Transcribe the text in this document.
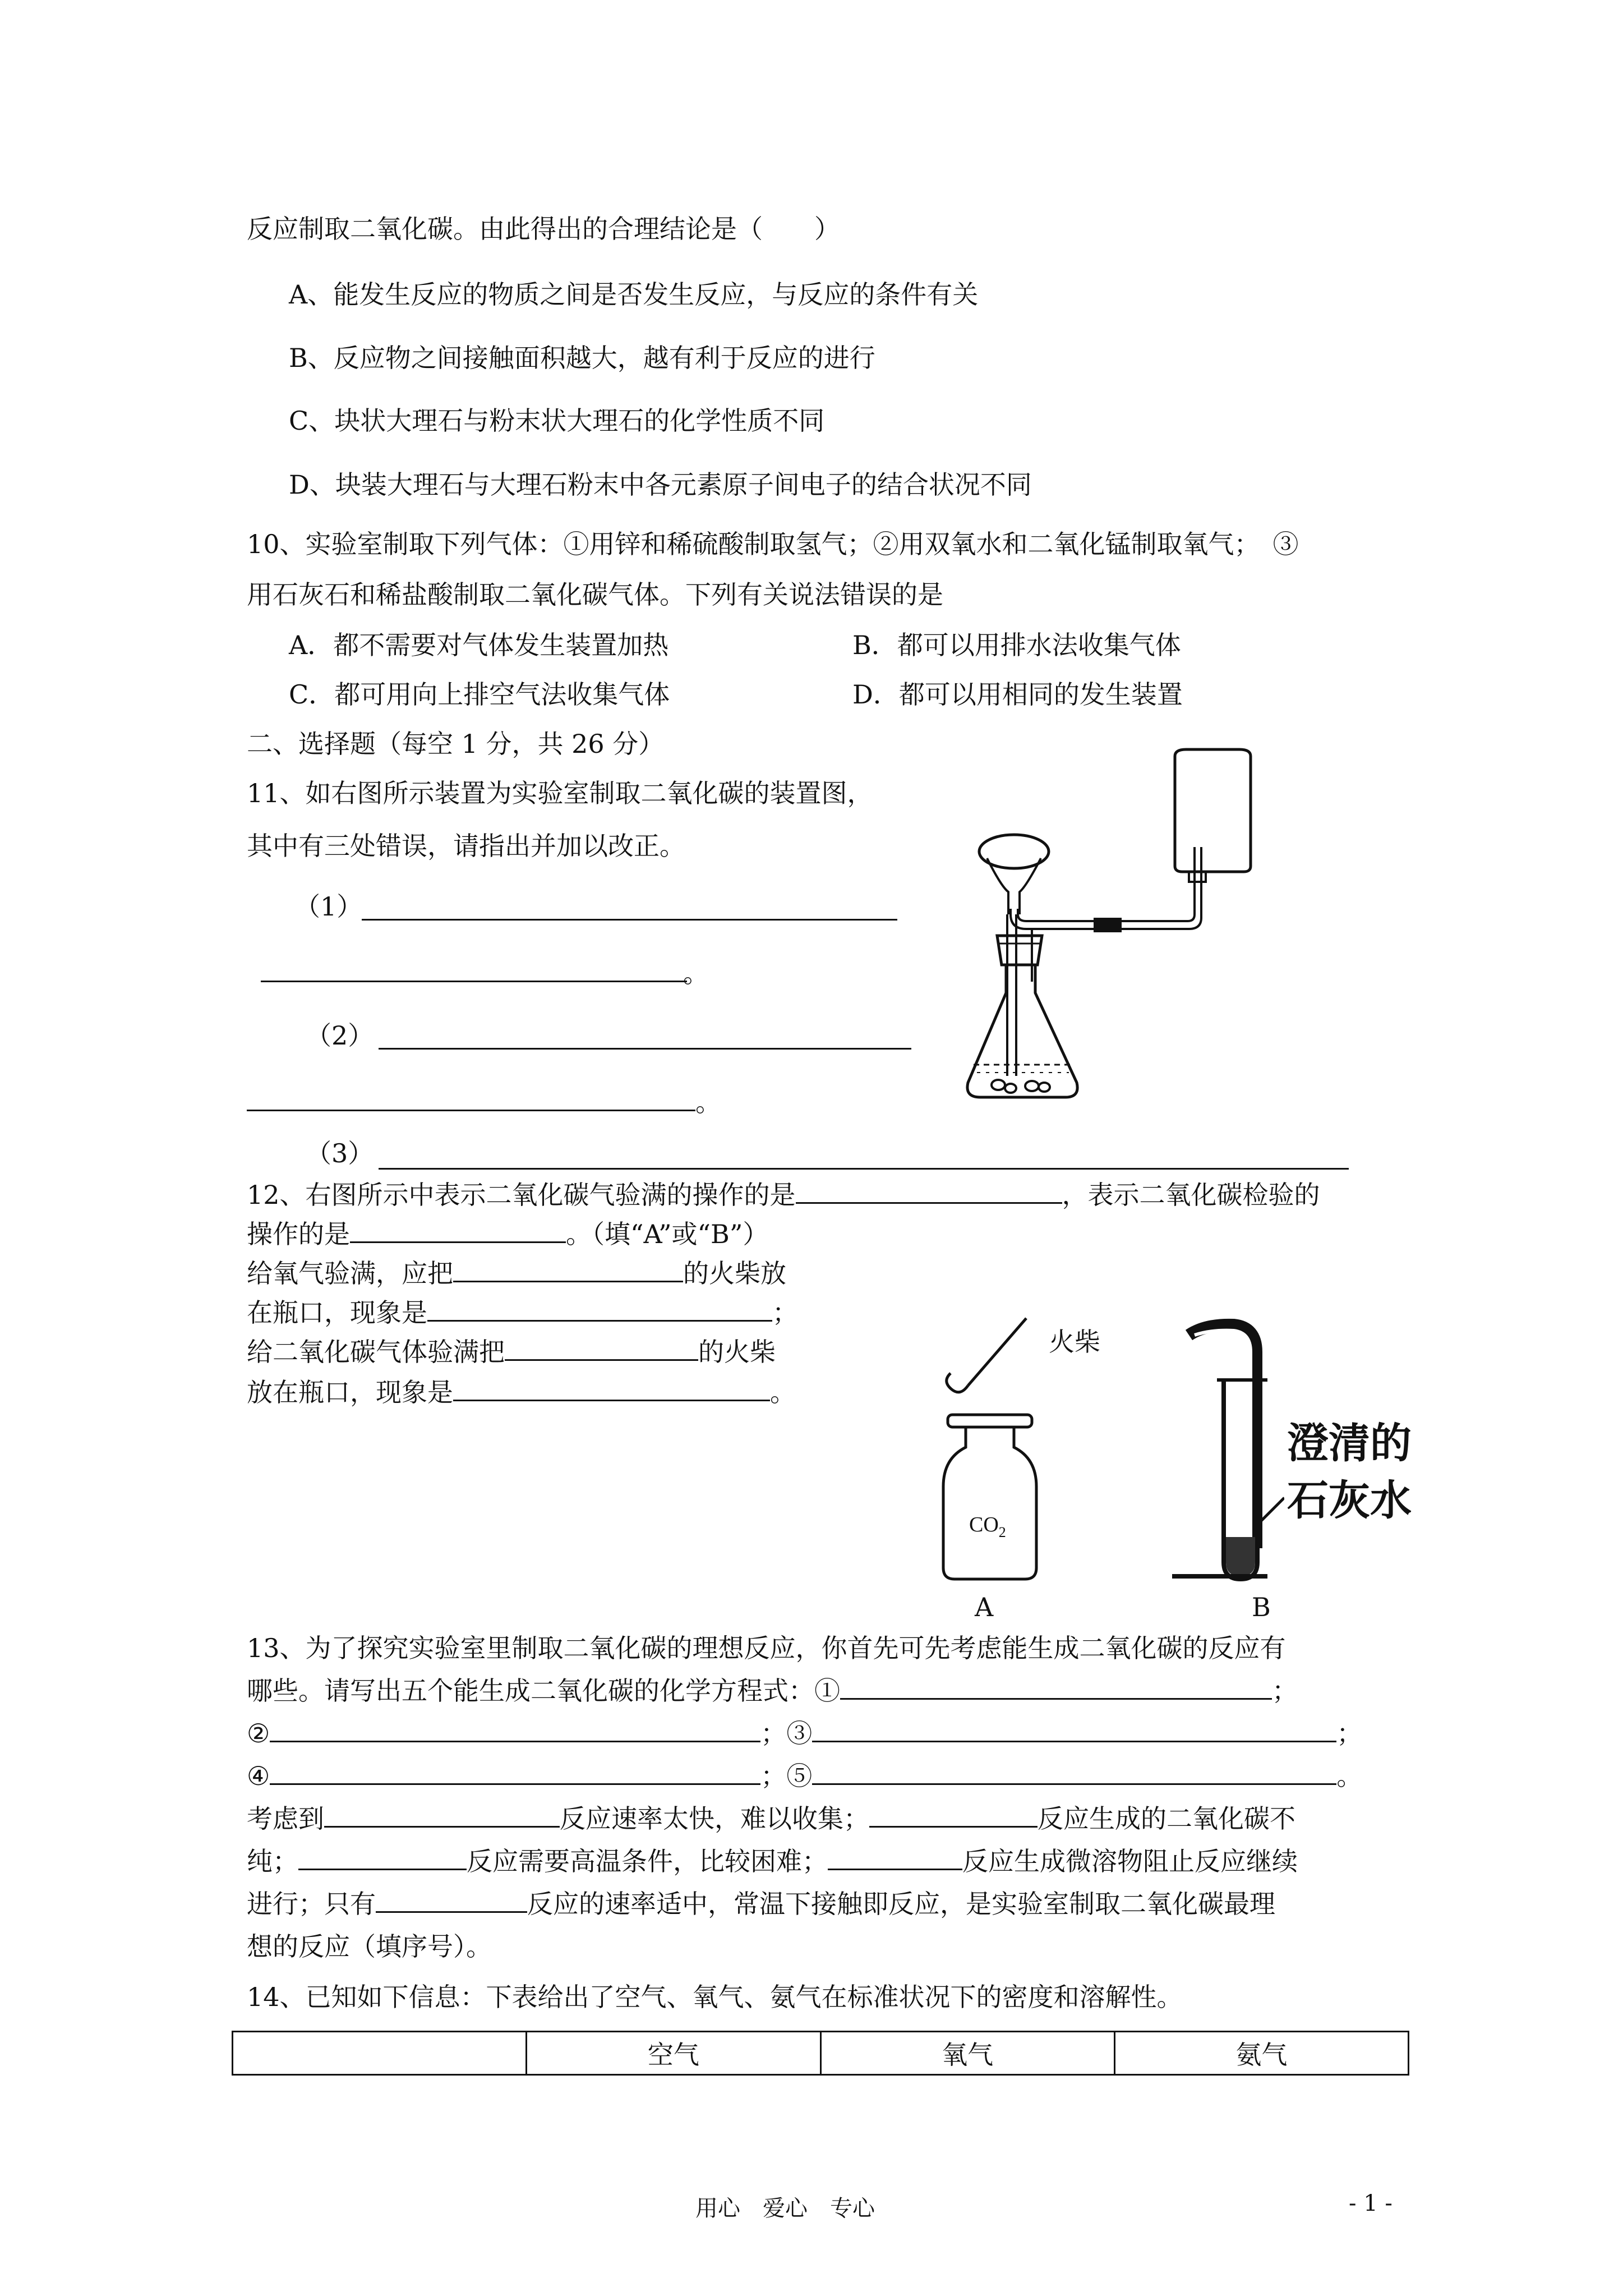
反应制取二氧化碳。由此得出的合理结论是（　　）
A、能发生反应的物质之间是否发生反应，与反应的条件有关
B、反应物之间接触面积越大，越有利于反应的进行
C、块状大理石与粉末状大理石的化学性质不同
D、块装大理石与大理石粉末中各元素原子间电子的结合状况不同
10、实验室制取下列气体：①用锌和稀硫酸制取氢气；②用双氧水和二氧化锰制取氧气；　③
用石灰石和稀盐酸制取二氧化碳气体。下列有关说法错误的是
A．都不需要对气体发生装置加热	B．都可以用排水法收集气体
C．都可用向上排空气法收集气体	D．都可以用相同的发生装置
二、选择题（每空 1 分，共 26 分）
11、如右图所示装置为实验室制取二氧化碳的装置图，
其中有三处错误，请指出并加以改正。
（1）
。
（2）
。
（3）
12、右图所示中表示二氧化碳气验满的操作的是	，表示二氧化碳检验的
操作的是	。（填“A”或“B”）
给氧气验满，应把	的火柴放
在瓶口，现象是	；
给二氧化碳气体验满把	的火柴
放在瓶口，现象是	。
$CO_2$
火柴
A
澄清的
石灰水
B
13、为了探究实验室里制取二氧化碳的理想反应，你首先可先考虑能生成二氧化碳的反应有
哪些。请写出五个能生成二氧化碳的化学方程式：①	；
②	；③	；
④	；⑤	。
考虑到	反应速率太快，难以收集；	反应生成的二氧化碳不
纯；	反应需要高温条件，比较困难；	反应生成微溶物阻止反应继续
进行；只有	反应的速率适中，常温下接触即反应，是实验室制取二氧化碳最理
想的反应（填序号）。
14、已知如下信息：下表给出了空气、氧气、氨气在标准状况下的密度和溶解性。
	空气	氧气	氨气
用心　爱心　专心	- 1 -
